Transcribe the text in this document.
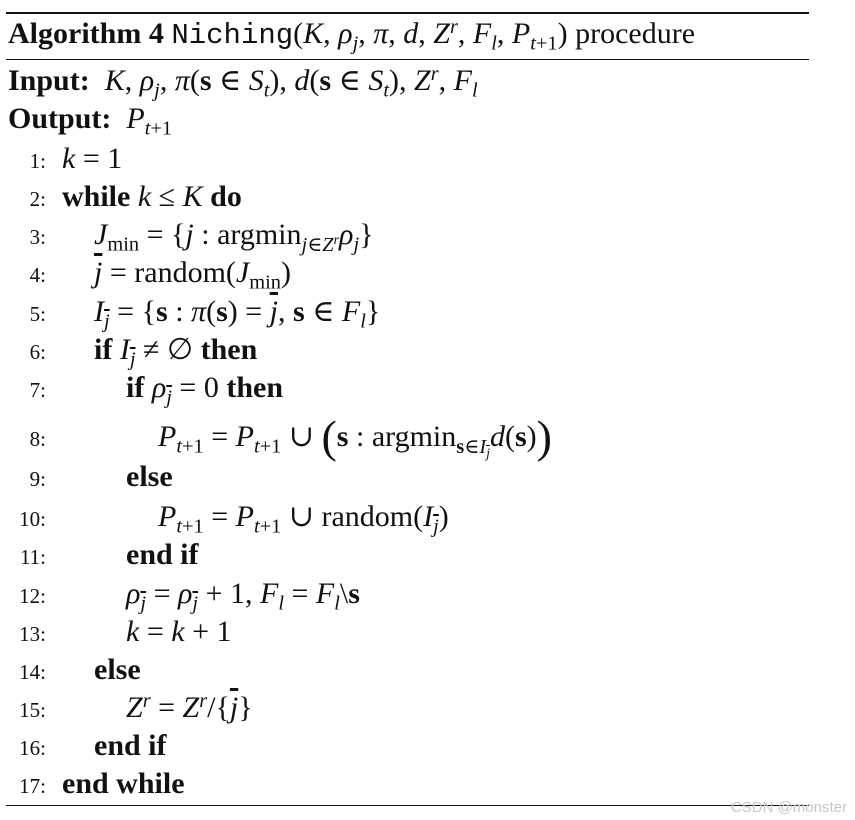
Algorithm 4 Niching(K, $\rho_j$, π, d, $Z^r$, $F_l$, $P_{t+1}$) procedure
Input: K, $\rho_j$, π(s ∈ $S_t$), d(s ∈ $S_t$), $Z^r$, $F_l$
Output: $P_{t+1}$
1: k = 1
2: while k ≤ K do
3: $J_{min} = \{j$ : $argmin_{j\in Z^r}\rho_j$}
4: $\overline{j}$ = $random(J_{min})$
5: $I_{\overline{j}} = \{s$ : $\pi(s) = \overline{j}$, s ∈ $F_l$}
6: if $I_{\overline{j}}$ ≠ ∅ then
7:	if $\rho_{\overline{j}} = 0$ then
8:	$P_{t+1} = P_{t+1}$ ∪ (s : argmin$_{s\in I_{\overline{j}}}$d(s))
9:	else
10:	$P_{t+1} = P_{t+1}$ ∪ $random(I_{\overline{j}})$
11:	end if
12:	$\rho_{\overline{j}} = \rho_{\overline{j}} + 1$, $F_l$ = $F_l\backslash s$
13:	k = k + 1
14: else
15:	$Z^r = Z^r/\{\overline{j}\}$
16: end if
17: end while
CSDN @monster
